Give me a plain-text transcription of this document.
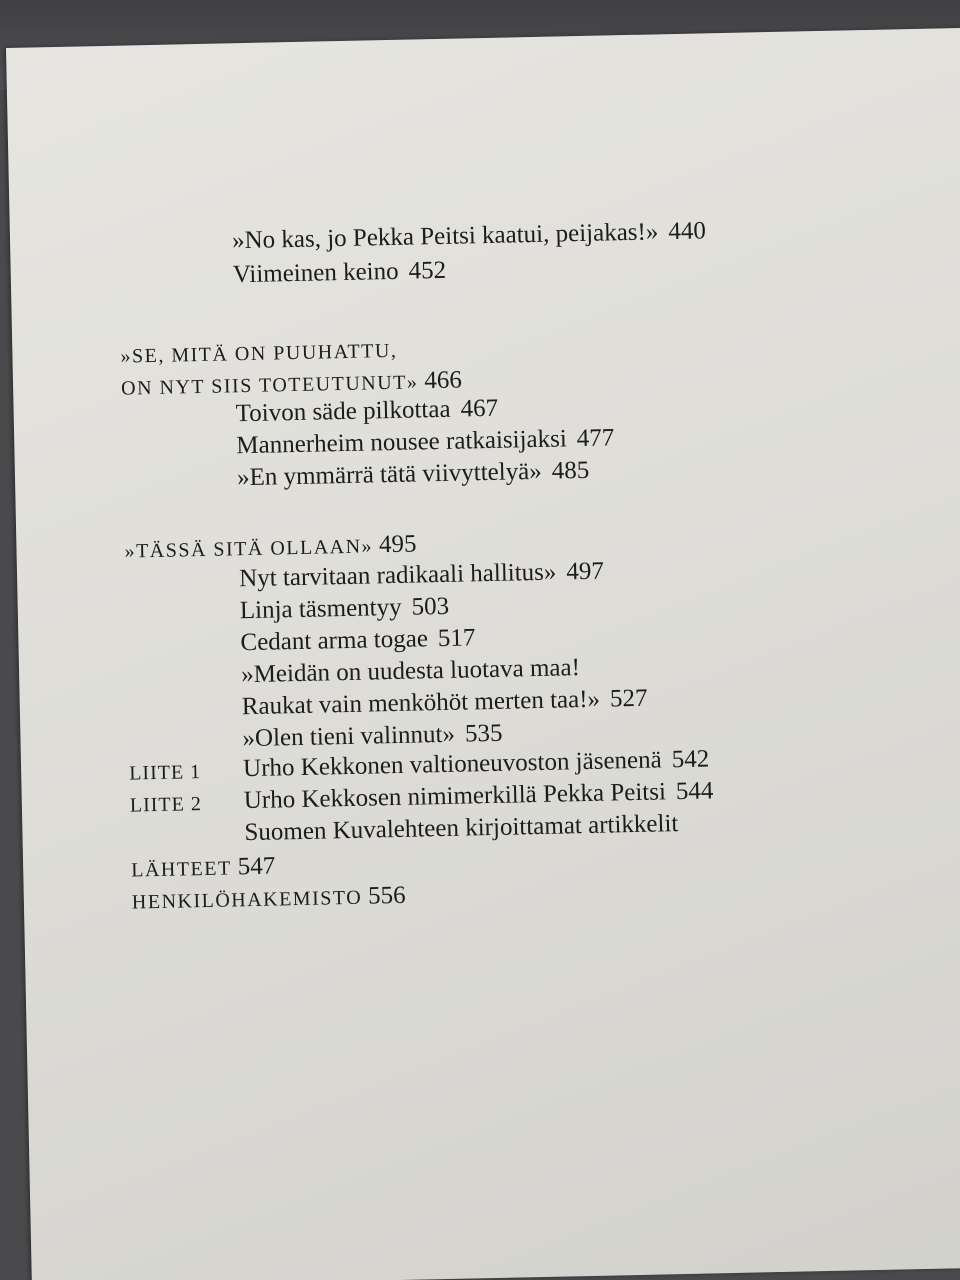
»No kas, jo Pekka Peitsi kaatui, peijakas!» 440
Viimeinen keino 452
»SE, MITÄ ON PUUHATTU,
ON NYT SIIS TOTEUTUNUT» 466
Toivon säde pilkottaa 467
Mannerheim nousee ratkaisijaksi 477
»En ymmärrä tätä viivyttelyä» 485
»TÄSSÄ SITÄ OLLAAN» 495
Nyt tarvitaan radikaali hallitus» 497
Linja täsmentyy 503
Cedant arma togae 517
»Meidän on uudesta luotava maa!
Raukat vain menköhöt merten taa!» 527
»Olen tieni valinnut» 535
LIITE 1 Urho Kekkonen valtioneuvoston jäsenenä 542
LIITE 2 Urho Kekkosen nimimerkillä Pekka Peitsi 544
Suomen Kuvalehteen kirjoittamat artikkelit
LÄHTEET 547
HENKILÖHAKEMISTO 556
